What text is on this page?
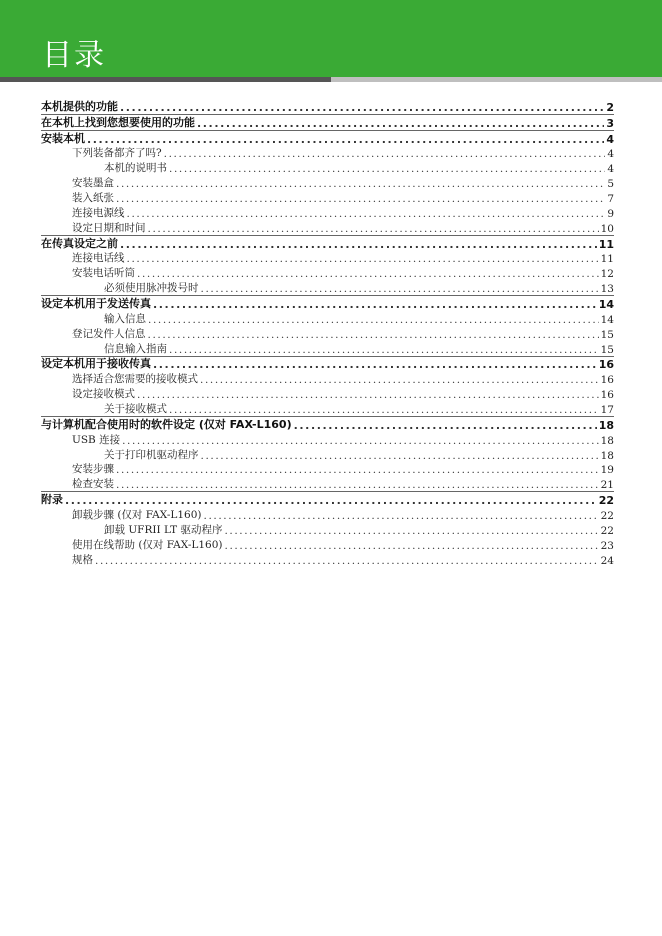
目录
本机提供的功能 .....	2
在本机上找到您想要使用的功能 .....	3
安装本机 .....	4
下列装备都齐了吗? .....	4
本机的说明书 .....	4
安装墨盒 .....	5
装入纸张 .....	7
连接电源线 .....	9
设定日期和时间 .....	10
在传真设定之前 .....	11
连接电话线 .....	11
安装电话听筒 .....	12
必须使用脉冲拨号时 .....	13
设定本机用于发送传真 .....	14
输入信息 .....	14
登记发件人信息 .....	15
信息输入指南 .....	15
设定本机用于接收传真 .....	16
选择适合您需要的接收模式 .....	16
设定接收模式 .....	16
关于接收模式 .....	17
与计算机配合使用时的软件设定 (仅对 FAX-L160) .....	18
USB 连接 .....	18
关于打印机驱动程序 .....	18
安装步骤 .....	19
检查安装 .....	21
附录 .....	22
卸载步骤 (仅对 FAX-L160) .....	22
卸载 UFRII LT 驱动程序 .....	22
使用在线帮助 (仅对 FAX-L160) .....	23
规格 .....	24
